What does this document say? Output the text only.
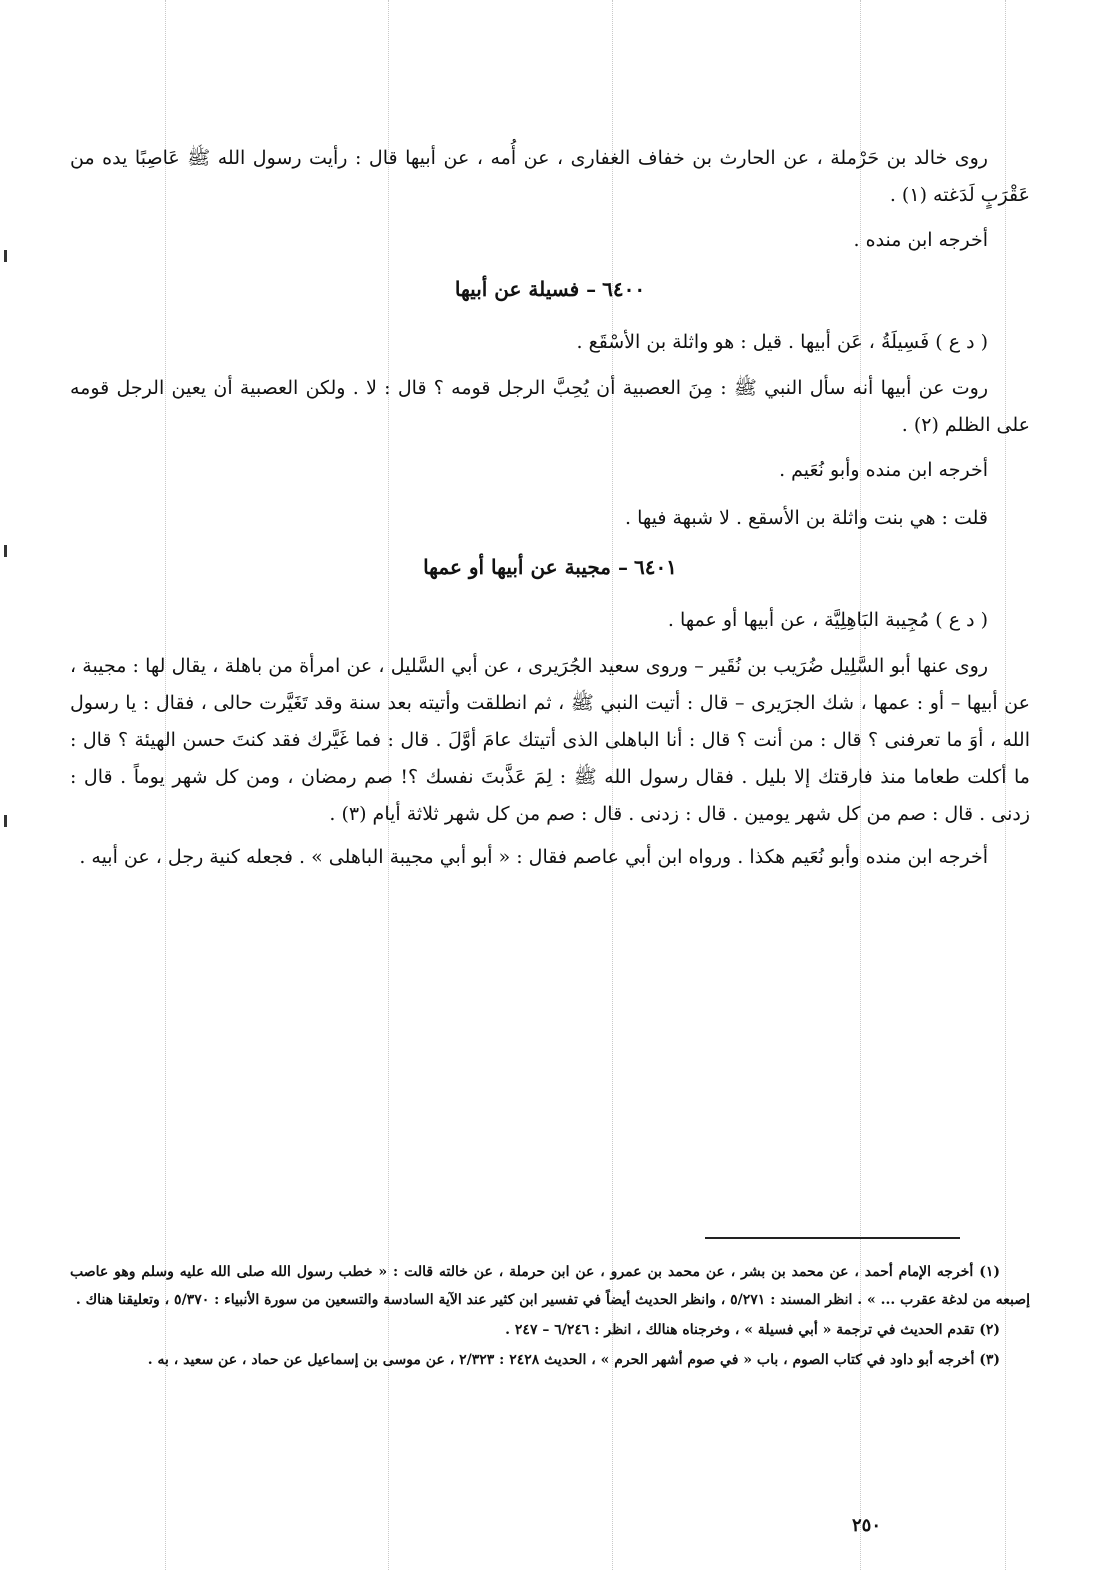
روى خالد بن حَرْملة ، عن الحارث بن خفاف الغفارى ، عن أُمه ، عن أبيها قال : رأيت رسول الله ﷺ عَاصِبًا يده من عَقْرَبٍ لَدَغته (١) .

أخرجه ابن منده .

٦٤٠٠– فسيلة عن أبيها

( د ع ) فَسِيلَةُ ، عَن أبيها . قيل : هو واثلة بن الأسْقَع .

روت عن أبيها أنه سأل النبي ﷺ : مِنَ العصبية أن يُحِبَّ الرجل قومه ؟ قال : لا . ولكن العصبية أن يعين الرجل قومه على الظلم (٢) .

أخرجه ابن منده وأبو نُعَيم .

قلت : هي بنت واثلة بن الأسقع . لا شبهة فيها .

٦٤٠١– مجيبة عن أبيها أو عمها

( د ع ) مُجِيبة البَاهِلِيَّة ، عن أبيها أو عمها .

روى عنها أبو السَّلِيل ضُرَيب بن نُقَير – وروى سعيد الجُرَيرى ، عن أبي السَّليل ، عن امرأة من باهلة ، يقال لها : مجيبة ، عن أبيها – أو : عمها ، شك الجرَيرى – قال : أتيت النبي ﷺ ، ثم انطلقت وأتيته بعد سنة وقد تَغَيَّرت حالى ، فقال : يا رسول الله ، أوَ ما تعرفنى ؟ قال : من أنت ؟ قال : أنا الباهلى الذى أتيتك عامَ أوَّلَ . قال : فما غَيَّرك فقد كنتَ حسن الهيئة ؟ قال : ما أكلت طعاما منذ فارقتك إلا بليل . فقال رسول الله ﷺ : لِمَ عَذَّبتَ نفسك ؟! صم رمضان ، ومن كل شهر يوماً . قال : زدنى . قال : صم من كل شهر يومين . قال : زدنى . قال : صم من كل شهر ثلاثة أيام (٣) .

أخرجه ابن منده وأبو نُعَيم هكذا . ورواه ابن أبي عاصم فقال : « أبو أبي مجيبة الباهلى » . فجعله كنية رجل ، عن أبيه .

(١) أخرجه الإمام أحمد ، عن محمد بن بشر ، عن محمد بن عمرو ، عن ابن حرملة ، عن خالته قالت : « خطب رسول الله صلى الله عليه وسلم وهو عاصب إصبعه من لدغة عقرب ... » . انظر المسند : ٥/٢٧١ ، وانظر الحديث أيضاً في تفسير ابن كثير عند الآية السادسة والتسعين من سورة الأنبياء : ٥/٣٧٠ ، وتعليقنا هناك .

(٢) تقدم الحديث في ترجمة « أبي فسيلة » ، وخرجناه هنالك ، انظر : ٦/٢٤٦ – ٢٤٧ .

(٣) أخرجه أبو داود في كتاب الصوم ، باب « في صوم أشهر الحرم » ، الحديث ٢٤٢٨ : ٢/٣٢٣ ، عن موسى بن إسماعيل عن حماد ، عن سعيد ، به .

٢٥٠
